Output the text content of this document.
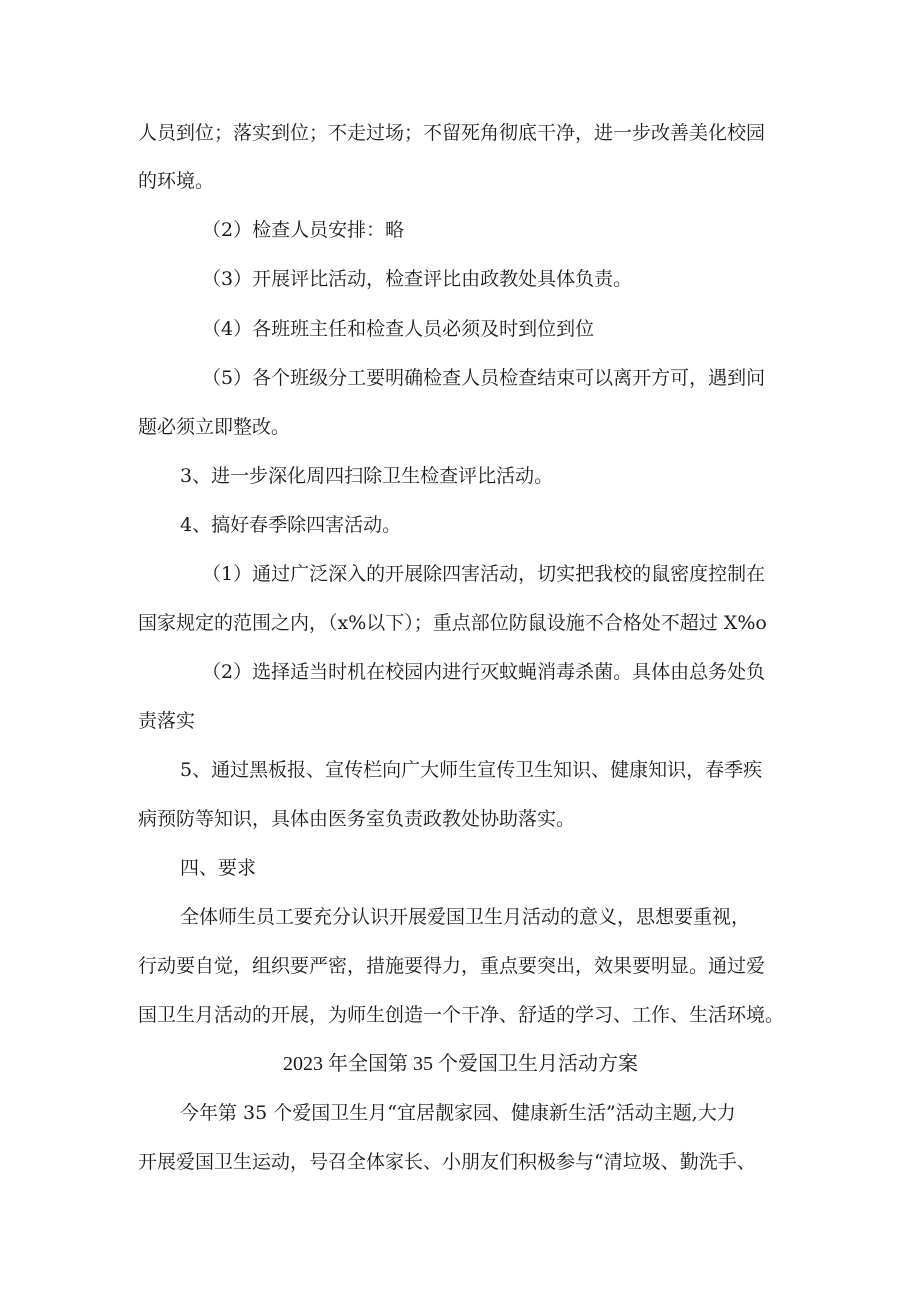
人员到位；落实到位；不走过场；不留死角彻底干净，进一步改善美化校园
的环境。
（2）检查人员安排：略
（3）开展评比活动，检查评比由政教处具体负责。
（4）各班班主任和检查人员必须及时到位到位
（5）各个班级分工要明确检查人员检查结束可以离开方可，遇到问
题必须立即整改。
3、进一步深化周四扫除卫生检查评比活动。
4、搞好春季除四害活动。
（1）通过广泛深入的开展除四害活动，切实把我校的鼠密度控制在
国家规定的范围之内，（x%以下）；重点部位防鼠设施不合格处不超过 X%o
（2）选择适当时机在校园内进行灭蚊蝇消毒杀菌。具体由总务处负
责落实
5、通过黑板报、宣传栏向广大师生宣传卫生知识、健康知识，春季疾
病预防等知识，具体由医务室负责政教处协助落实。
四、要求
全体师生员工要充分认识开展爱国卫生月活动的意义，思想要重视，
行动要自觉，组织要严密，措施要得力，重点要突出，效果要明显。通过爱
国卫生月活动的开展，为师生创造一个干净、舒适的学习、工作、生活环境。
2023 年全国第 35 个爱国卫生月活动方案
今年第 35 个爱国卫生月“宜居靓家园、健康新生活”活动主题,大力
开展爱国卫生运动，号召全体家长、小朋友们积极参与“清垃圾、勤洗手、
